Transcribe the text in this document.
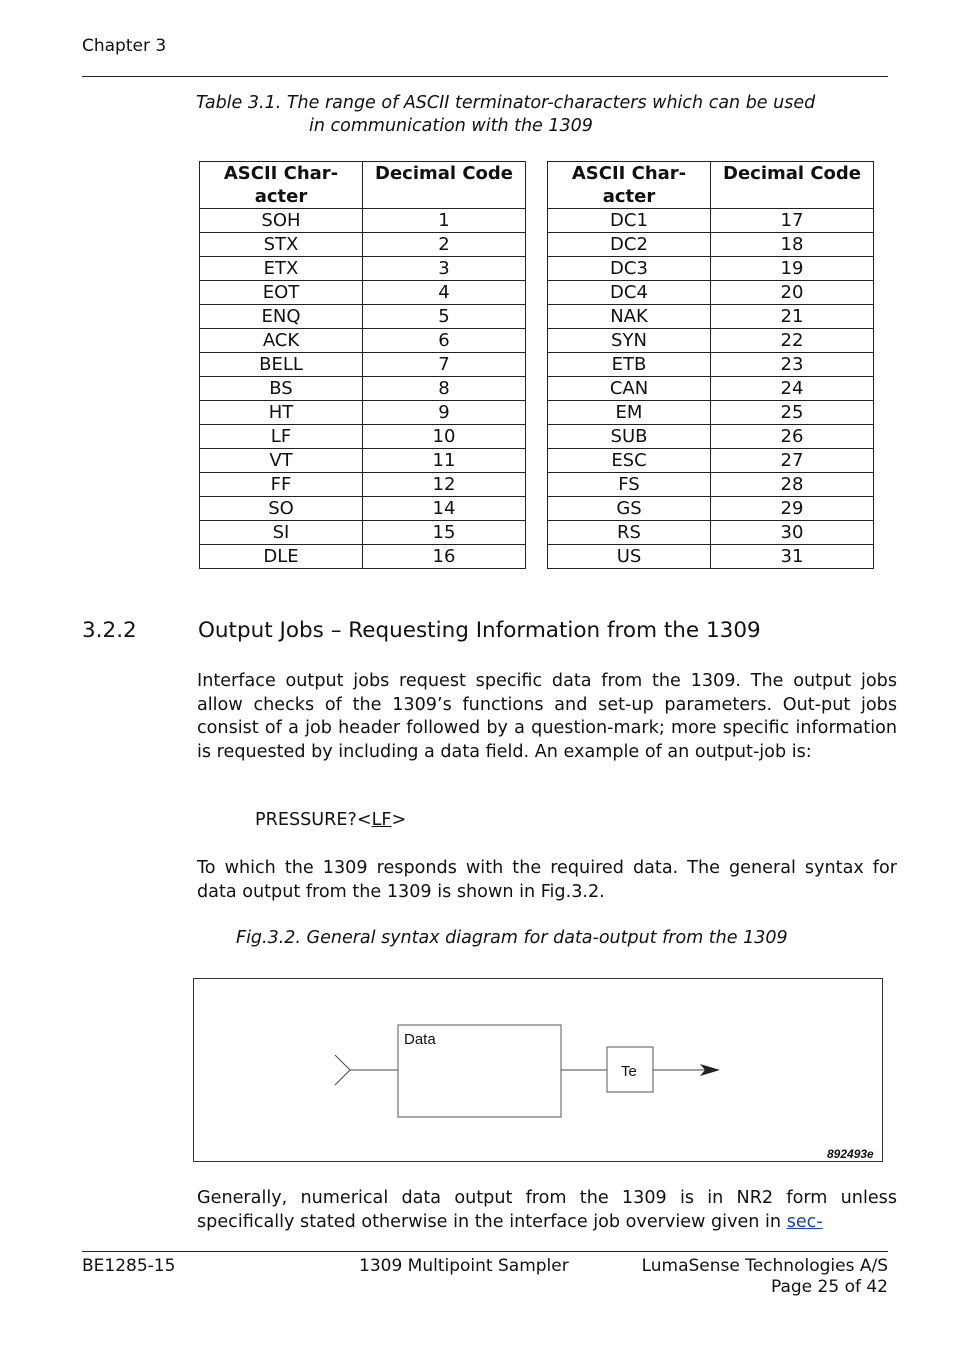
Chapter 3
Table 3.1. The range of ASCII terminator-characters which can be used
in communication with the 1309
ASCII Char-
acter	Decimal Code
SOH	1
STX	2
ETX	3
EOT	4
ENQ	5
ACK	6
BELL	7
BS	8
HT	9
LF	10
VT	11
FF	12
SO	14
SI	15
DLE	16
ASCII Char-
acter	Decimal Code
DC1	17
DC2	18
DC3	19
DC4	20
NAK	21
SYN	22
ETB	23
CAN	24
EM	25
SUB	26
ESC	27
FS	28
GS	29
RS	30
US	31
3.2.2	Output Jobs – Requesting Information from the 1309
Interface output jobs request specific data from the 1309. The output jobs allow checks of the 1309’s functions and set-up parameters. Out-put jobs consist of a job header followed by a question-mark; more specific information is requested by including a data field. An example of an output-job is:
PRESSURE?<LF>
To which the 1309 responds with the required data. The general syntax for data output from the 1309 is shown in Fig.3.2.
Fig.3.2. General syntax diagram for data-output from the 1309
Data
Te
892493e
Generally, numerical data output from the 1309 is in NR2 form unless specifically stated otherwise in the interface job overview given in sec-
BE1285-15	1309 Multipoint Sampler	LumaSense Technologies A/S
Page 25 of 42
